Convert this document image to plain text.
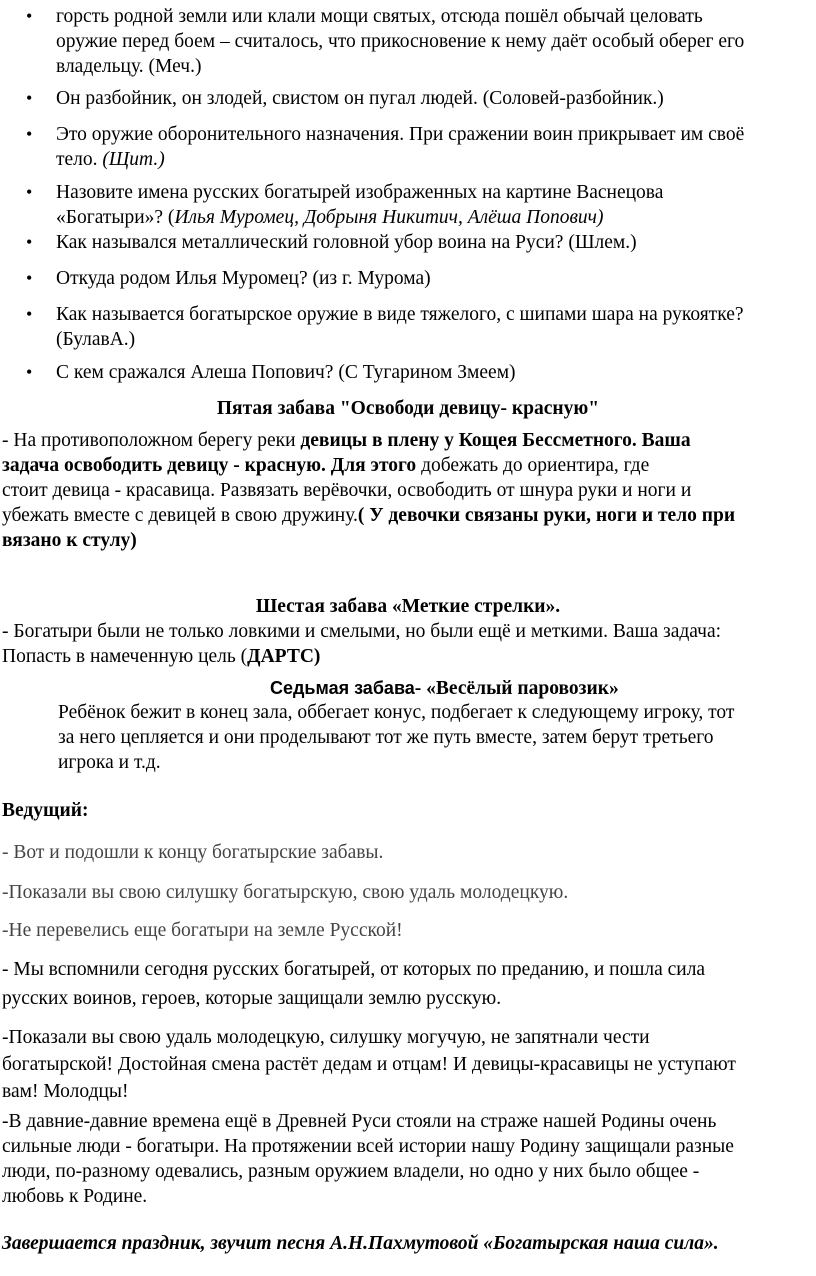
• горсть родной земли или клали мощи святых, отсюда пошёл обычай целовать
оружие перед боем – считалось, что прикосновение к нему даёт особый оберег его
владельцу. (Меч.)
• Он разбойник, он злодей, свистом он пугал людей. (Соловей-разбойник.)
• Это оружие оборонительного назначения. При сражении воин прикрывает им своё
тело. (Щит.)
• Назовите имена русских богатырей изображенных на картине Васнецова
«Богатыри»? (Илья Муромец, Добрыня Никитич, Алёша Попович)
• Как назывался металлический головной убор воина на Руси? (Шлем.)
• Откуда родом Илья Муромец? (из г. Мурома)
• Как называется богатырское оружие в виде тяжелого, с шипами шара на рукоятке?
(БулавА.)
• С кем сражался Алеша Попович? (С Тугарином Змеем)
Пятая забава "Освободи девицу- красную"
- На противоположном берегу реки девицы в плену у Кощея Бессметного. Ваша
задача освободить девицу - красную. Для этого добежать до ориентира, где
стоит девица - красавица. Развязать верёвочки, освободить от шнура руки и ноги и
убежать вместе с девицей в свою дружину.( У девочки связаны руки, ноги и тело при
вязано к стулу)
Шестая забава «Меткие стрелки».
- Богатыри были не только ловкими и смелыми, но были ещё и меткими. Ваша задача:
Попасть в намеченную цель (ДАРТС)
Седьмая забава- «Весёлый паровозик»
Ребёнок бежит в конец зала, оббегает конус, подбегает к следующему игроку, тот
за него цепляется и они проделывают тот же путь вместе, затем берут третьего
игрока и т.д.
Ведущий:
- Вот и подошли к концу богатырские забавы.
-Показали вы свою силушку богатырскую, свою удаль молодецкую.
-Не перевелись еще богатыри на земле Русской!
- Мы вспомнили сегодня русских богатырей, от которых по преданию, и пошла сила
русских воинов, героев, которые защищали землю русскую.
-Показали вы свою удаль молодецкую, силушку могучую, не запятнали чести
богатырской! Достойная смена растёт дедам и отцам! И девицы-красавицы не уступают
вам! Молодцы!
-В давние-давние времена ещё в Древней Руси стояли на страже нашей Родины очень
сильные люди - богатыри. На протяжении всей истории нашу Родину защищали разные
люди, по-разному одевались, разным оружием владели, но одно у них было общее -
любовь к Родине.
Завершается праздник, звучит песня А.Н.Пахмутовой «Богатырская наша сила».
